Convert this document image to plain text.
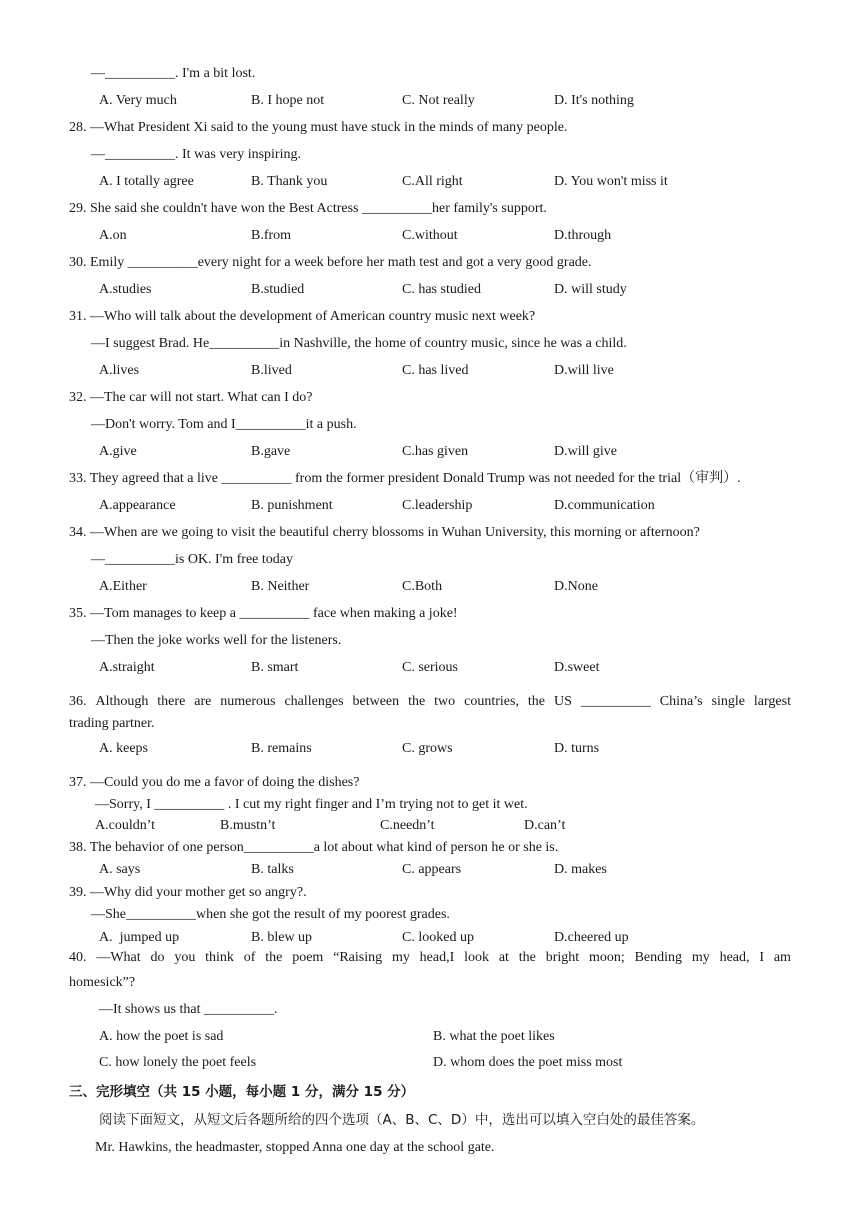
—__________. I'm a bit lost.
A. Very much	B. I hope not	C. Not really	D. It's nothing
28. —What President Xi said to the young must have stuck in the minds of many people.
—__________. It was very inspiring.
A. I totally agree	B. Thank you	C.All right	D. You won't miss it
29. She said she couldn't have won the Best Actress __________her family's support.
A.on	B.from	C.without	D.through
30. Emily __________every night for a week before her math test and got a very good grade.
A.studies	B.studied	C. has studied	D. will study
31. —Who will talk about the development of American country music next week?
—I suggest Brad. He__________in Nashville, the home of country music, since he was a child.
A.lives	B.lived	C. has lived	D.will live
32. —The car will not start. What can I do?
—Don't worry. Tom and I__________it a push.
A.give	B.gave	C.has given	D.will give
33. They agreed that a live __________ from the former president Donald Trump was not needed for the trial（审判）.
A.appearance	B. punishment	C.leadership	D.communication
34. —When are we going to visit the beautiful cherry blossoms in Wuhan University, this morning or afternoon?
—__________is OK. I'm free today
A.Either	B. Neither	C.Both	D.None
35. —Tom manages to keep a __________ face when making a joke!
—Then the joke works well for the listeners.
A.straight	B. smart	C. serious	D.sweet
36. Although there are numerous challenges between the two countries, the US __________ China’s single largest
trading partner.
A. keeps	B. remains	C. grows	D. turns
37. —Could you do me a favor of doing the dishes?
—Sorry, I __________ . I cut my right finger and I’m trying not to get it wet.
A.couldn’t	B.mustn’t	C.needn’t	D.can’t
38. The behavior of one person__________a lot about what kind of person he or she is.
A. says	B. talks	C. appears	D. makes
39. —Why did your mother get so angry?.
—She__________when she got the result of my poorest grades.
A.  jumped up	B. blew up	C. looked up	D.cheered up
40. —What do you think of the poem “Raising my head,I look at the bright moon; Bending my head, I am
homesick”?
—It shows us that __________.
A. how the poet is sad	B. what the poet likes
C. how lonely the poet feels	D. whom does the poet miss most
三、完形填空（共 15 小题，每小题 1 分，满分 15 分）
阅读下面短文，从短文后各题所给的四个选项（A、B、C、D）中，选出可以填入空白处的最佳答案。
Mr. Hawkins, the headmaster, stopped Anna one day at the school gate.
